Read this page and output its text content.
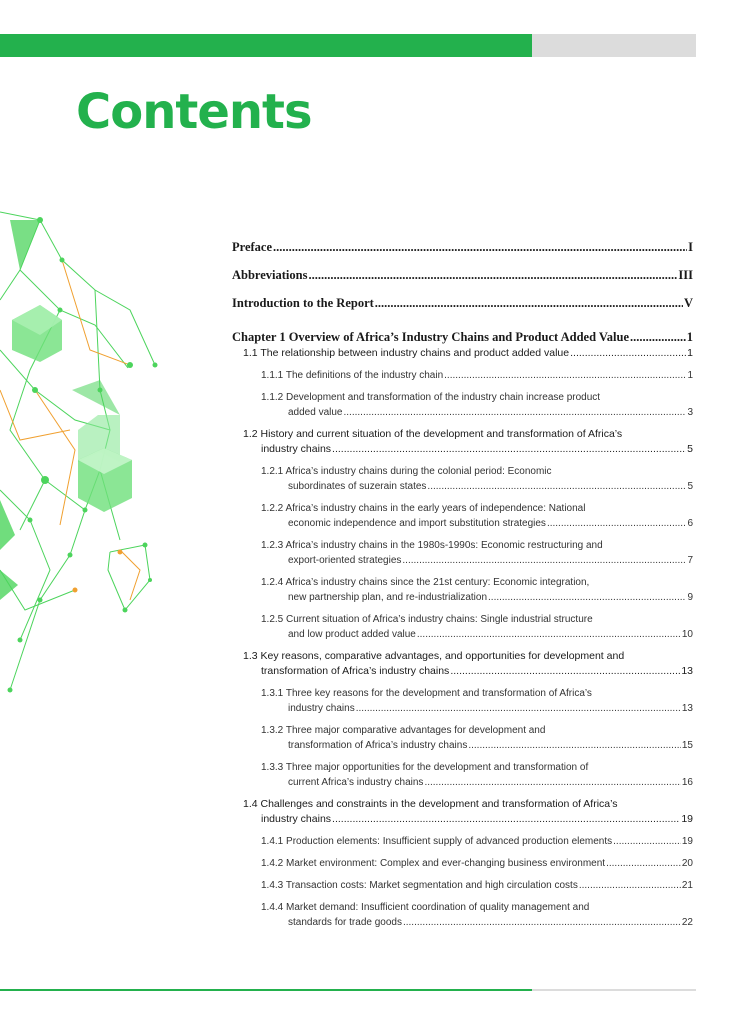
Contents
Preface .....	I
Abbreviations .....	III
Introduction to the Report .....	V
Chapter 1 Overview of Africa’s Industry Chains and Product Added Value .....	1
1.1 The relationship between industry chains and product added value .....	1
1.1.1 The definitions of the industry chain .....	1
1.1.2 Development and transformation of the industry chain increase product
added value .....	3
1.2 History and current situation of the development and transformation of Africa’s
industry chains .....	5
1.2.1 Africa’s industry chains during the colonial period: Economic
subordinates of suzerain states .....	5
1.2.2 Africa’s industry chains in the early years of independence: National
economic independence and import substitution strategies .....	6
1.2.3 Africa’s industry chains in the 1980s-1990s: Economic restructuring and
export-oriented strategies .....	7
1.2.4 Africa’s industry chains since the 21st century: Economic integration,
new partnership plan, and re-industrialization .....	9
1.2.5 Current situation of Africa’s industry chains: Single industrial structure
and low product added value .....	10
1.3 Key reasons, comparative advantages, and opportunities for development and
transformation of Africa’s industry chains .....	13
1.3.1 Three key reasons for the development and transformation of Africa’s
industry chains .....	13
1.3.2 Three major comparative advantages for development and
transformation of Africa’s industry chains .....	15
1.3.3 Three major opportunities for the development and transformation of
current Africa’s industry chains .....	16
1.4 Challenges and constraints in the development and transformation of Africa’s
industry chains .....	19
1.4.1 Production elements: Insufficient supply of advanced production elements .....	19
1.4.2 Market environment: Complex and ever-changing business environment .....	20
1.4.3 Transaction costs: Market segmentation and high circulation costs .....	21
1.4.4 Market demand: Insufficient coordination of quality management and
standards for trade goods .....	22
